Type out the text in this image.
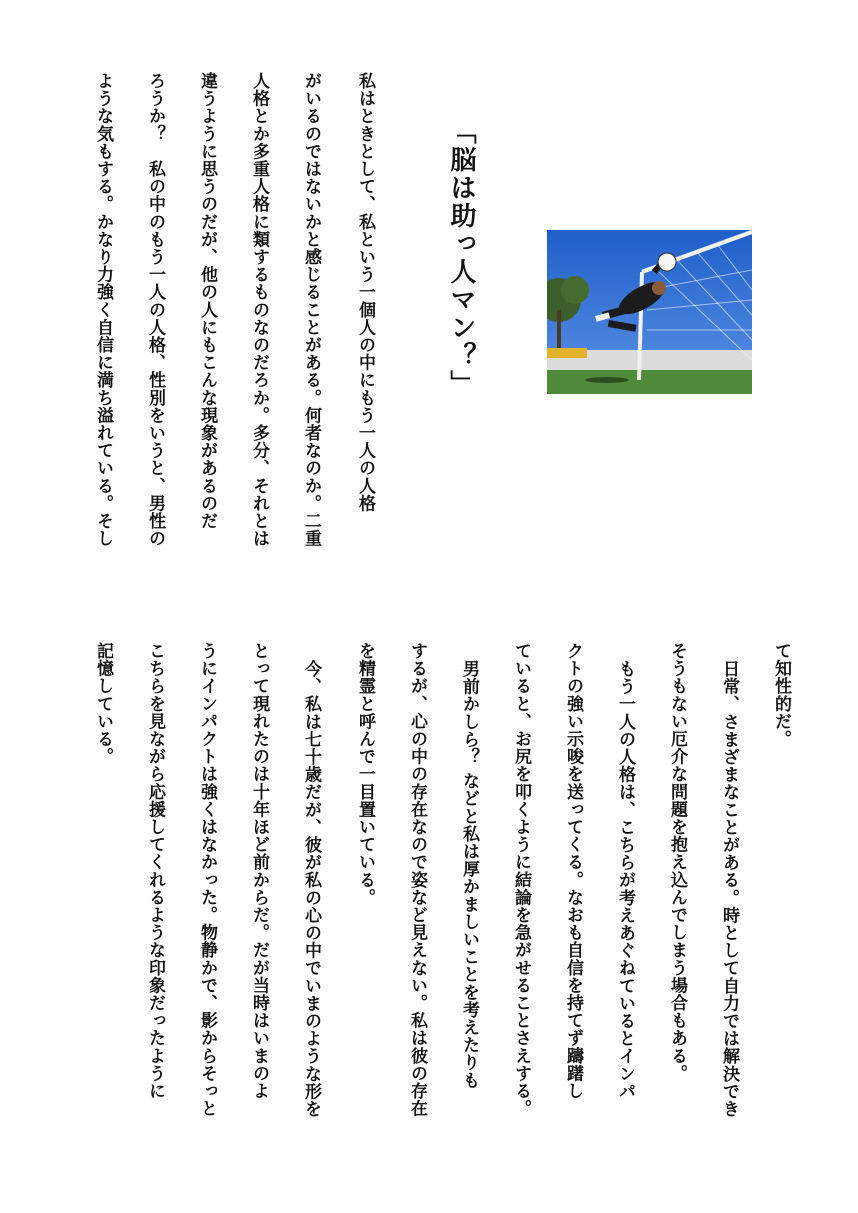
「脳は助っ人マン？」
私はときとして、私という一個人の中にもう一人の人格
がいるのではないかと感じることがある。何者なのか。二重
人格とか多重人格に類するものなのだろか。多分、それとは
違うように思うのだが、他の人にもこんな現象があるのだ
ろうか？　私の中のもう一人の人格、性別をいうと、男性の
ような気もする。かなり力強く自信に満ち溢れている。そし
て知性的だ。
日常、さまざまなことがある。時として自力では解決でき
そうもない厄介な問題を抱え込んでしまう場合もある。
もう一人の人格は、こちらが考えあぐねているとインパ
クトの強い示唆を送ってくる。なおも自信を持てず躊躇し
ていると、お尻を叩くように結論を急がせることさえする。
男前かしら？ などと私は厚かましいことを考えたりも
するが、心の中の存在なので姿など見えない。私は彼の存在
を精霊と呼んで一目置いている。
今、私は七十歳だが、彼が私の心の中でいまのような形を
とって現れたのは十年ほど前からだ。だが当時はいまのよ
うにインパクトは強くはなかった。物静かで、影からそっと
こちらを見ながら応援してくれるような印象だったように
記憶している。
